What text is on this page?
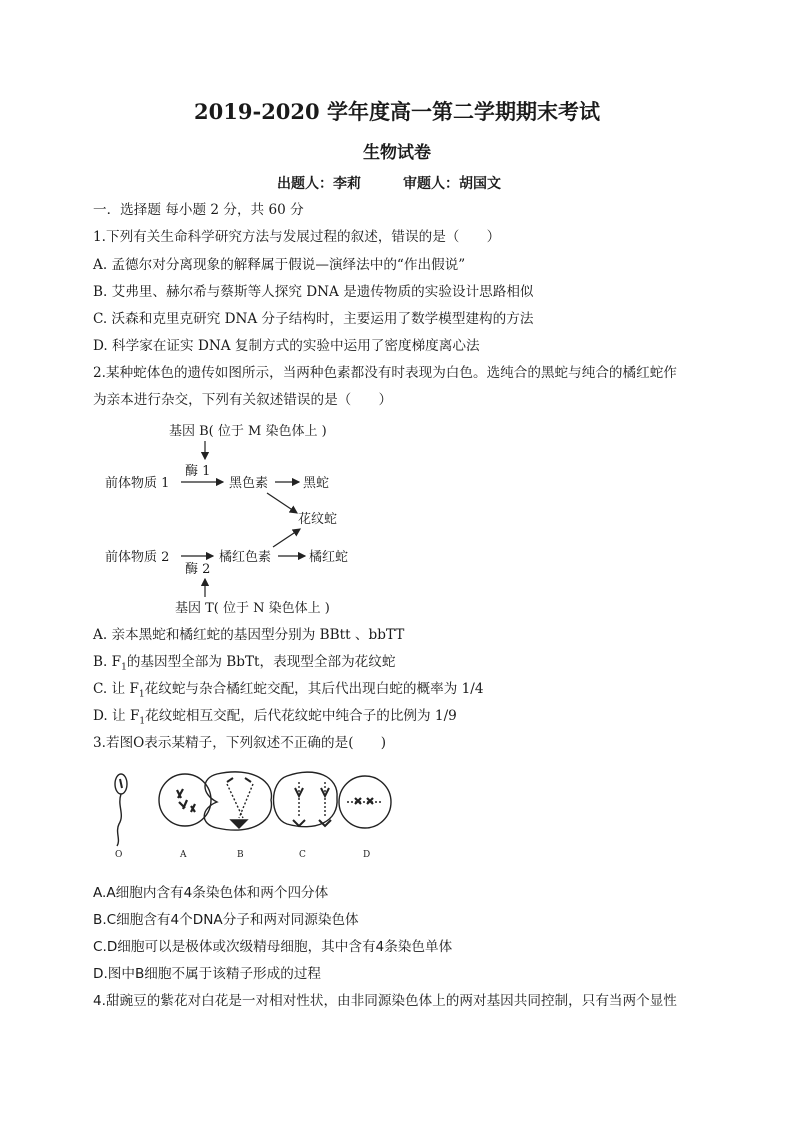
2019-2020 学年度高一第二学期期末考试
生物试卷
出题人：李莉	审题人：胡国文
一．选择题 每小题 2 分，共 60 分
1.下列有关生命科学研究方法与发展过程的叙述，错误的是（　　）
A. 孟德尔对分离现象的解释属于假说—演绎法中的“作出假说”
B. 艾弗里、赫尔希与蔡斯等人探究 DNA 是遗传物质的实验设计思路相似
C. 沃森和克里克研究 DNA 分子结构时，主要运用了数学模型建构的方法
D. 科学家在证实 DNA 复制方式的实验中运用了密度梯度离心法
2.某种蛇体色的遗传如图所示，当两种色素都没有时表现为白色。选纯合的黑蛇与纯合的橘红蛇作
为亲本进行杂交，下列有关叙述错误的是（　　）
基因 B( 位于 M 染色体上 )
酶 1
前体物质 1	黑色素	黑蛇
花纹蛇
前体物质 2	橘红色素	橘红蛇
酶 2
基因 T( 位于 N 染色体上 )
A. 亲本黑蛇和橘红蛇的基因型分别为 BBtt 、bbTT
B. $F_1$的基因型全部为 BbTt，表现型全部为花纹蛇
C. 让 $F_1$花纹蛇与杂合橘红蛇交配，其后代出现白蛇的概率为 1/4
D. 让 $F_1$花纹蛇相互交配，后代花纹蛇中纯合子的比例为 1/9
3.若图O表示某精子，下列叙述不正确的是(　　)
O	A	B	C	D
A.A细胞内含有4条染色体和两个四分体
B.C细胞含有4个DNA分子和两对同源染色体
C.D细胞可以是极体或次级精母细胞，其中含有4条染色单体
D.图中B细胞不属于该精子形成的过程
4.甜豌豆的紫花对白花是一对相对性状，由非同源染色体上的两对基因共同控制，只有当两个显性
